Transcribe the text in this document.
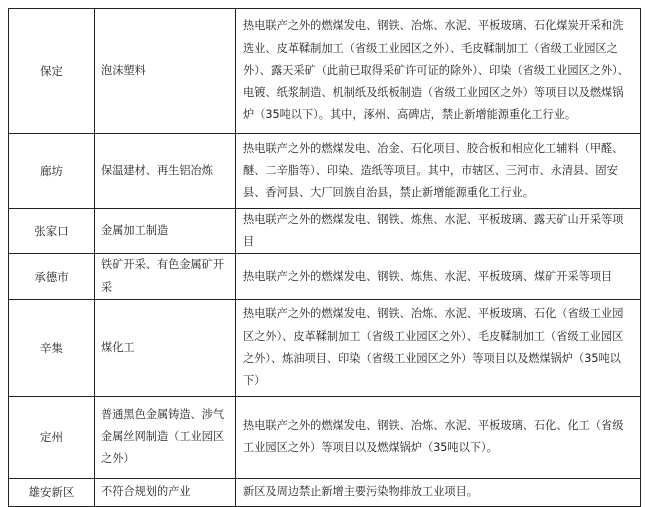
保定	泡沫塑料	热电联产之外的燃煤发电、钢铁、冶炼、水泥、平板玻璃、石化煤炭开采和洗选业、皮革鞣制加工（省级工业园区之外）、毛皮鞣制加工（省级工业园区之外）、露天采矿（此前已取得采矿许可证的除外）、印染（省级工业园区之外）、电镀、纸浆制造、机制纸及纸板制造（省级工业园区之外）等项目以及燃煤锅炉（35吨以下）。其中，涿州、高碑店，禁止新增能源重化工行业。
廊坊	保温建材、再生铝冶炼	热电联产之外的燃煤发电、冶金、石化项目、胶合板和相应化工辅料（甲醛、醚、二辛脂等）、印染、造纸等项目。其中，市辖区、三河市、永清县、固安县、香河县、大厂回族自治县，禁止新增能源重化工行业。
张家口	金属加工制造	热电联产之外的燃煤发电、钢铁、炼焦、水泥、平板玻璃、露天矿山开采等项目
承德市	铁矿开采、有色金属矿开采	热电联产之外的燃煤发电、钢铁、炼焦、水泥、平板玻璃、煤矿开采等项目
辛集	煤化工	热电联产之外的燃煤发电、钢铁、冶炼、水泥、平板玻璃、石化（省级工业园区之外）、皮革鞣制加工（省级工业园区之外）、毛皮鞣制加工（省级工业园区之外）、炼油项目、印染（省级工业园区之外）等项目以及燃煤锅炉（35吨以下）
定州	普通黑色金属铸造、涉气金属丝网制造（工业园区之外）	热电联产之外的燃煤发电、钢铁、冶炼、水泥、平板玻璃、石化、化工（省级工业园区之外）等项目以及燃煤锅炉（35吨以下）。
雄安新区	不符合规划的产业	新区及周边禁止新增主要污染物排放工业项目。
